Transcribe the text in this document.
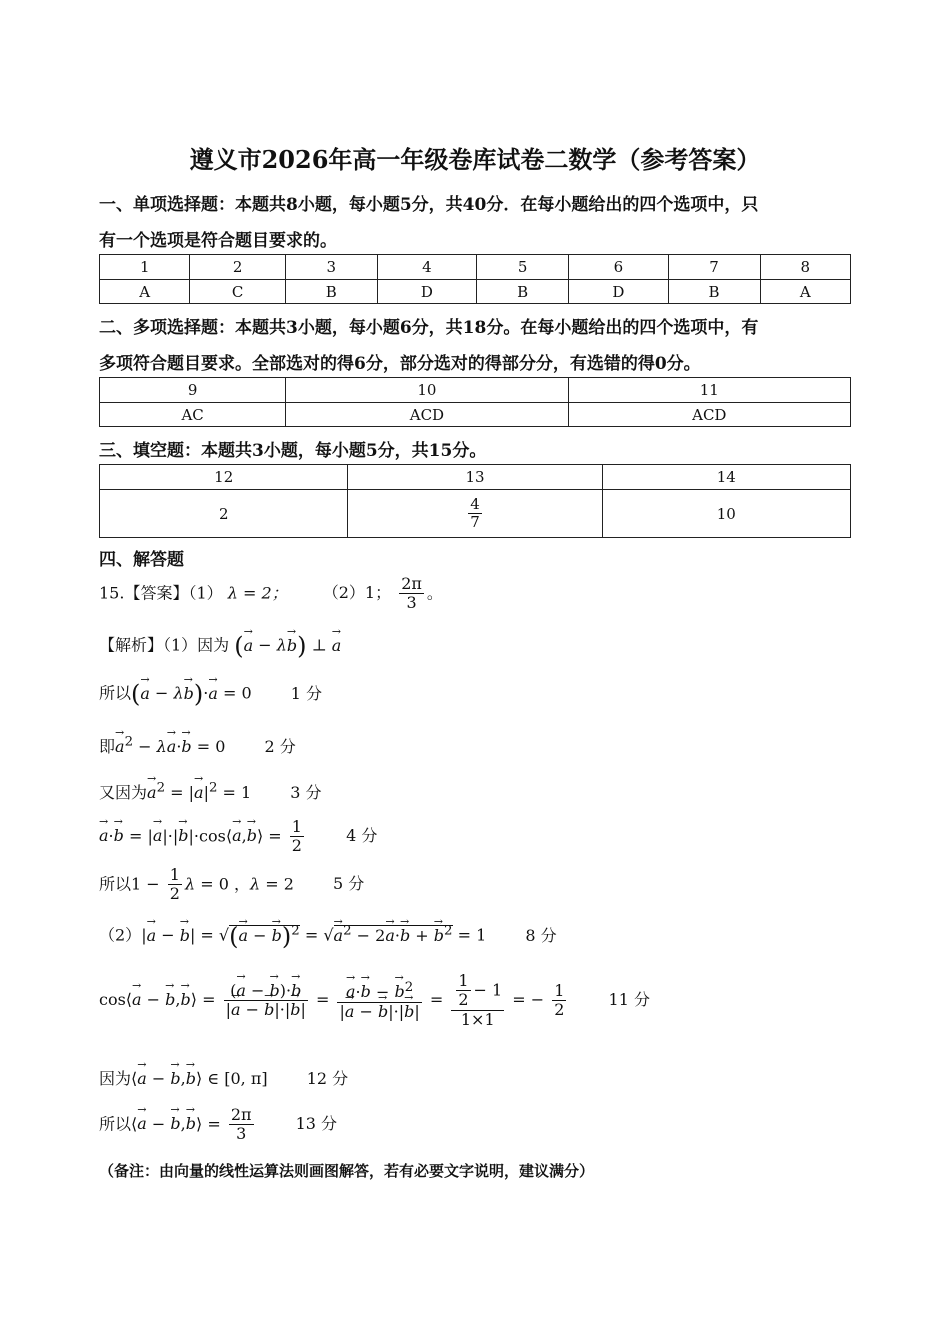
遵义市2026年高一年级卷库试卷二数学（参考答案）
一、单项选择题：本题共8小题，每小题5分，共40分．在每小题给出的四个选项中，只
有一个选项是符合题目要求的。
1	2	3	4	5	6	7	8
A	C	B	D	B	D	B	A
二、多项选择题：本题共3小题，每小题6分，共18分。在每小题给出的四个选项中，有
多项符合题目要求。全部选对的得6分，部分选对的得部分分，有选错的得0分。
9	10	11
AC	ACD	ACD
三、填空题：本题共3小题，每小题5分，共15分。
12	13	14
2	$\frac{4}{7}$	10
四、解答题
15.【答案】（1） λ = 2； （2）1； $\frac{2\pi}{3}$ 。
【解析】（1）因为 (→ a − λ→ b) ⊥ → a
所以(→ a − λ→ b)·→ a = 0 1 分
即→ $a^2 - \lambda\to a\cdot\to b = 0$ 2 分
又因为→ $a^2$ = |→ $a|^2 = 1$ 3 分
→ a·→ b = |→ a|·|→ b|·cos⟨→ a,→ b⟩ = $\frac{1}{2}$	4 分
所以$1 - \frac{1}{2}$ λ = 0 ，λ = 2 5 分
（2）|→ a − → b| = √(→ a − → b)$^2$ = √→ $a^2 - 2\to a\cdot\to b$ + → $b^2 = 1$ 8 分
cos⟨→ a − → b,→ b⟩ = $\frac{(\to a - \to b)\cdot\to b}{|\to a - \to b|\cdot|\to b|}$ = → $\frac{a\cdot\to b - \to b^2}{|\to a - \to b|\cdot|\to b|} = \frac{\frac{1}{2} - 1}{1\times 1}$ = − $\frac{1}{2}$	11 分
因为⟨→ a − → b,→ b⟩ ∈ [0, π] 12 分
所以⟨→ a − → b,→ b⟩ = $\frac{2\pi}{3}$	13 分
（备注：由向量的线性运算法则画图解答，若有必要文字说明，建议满分）
